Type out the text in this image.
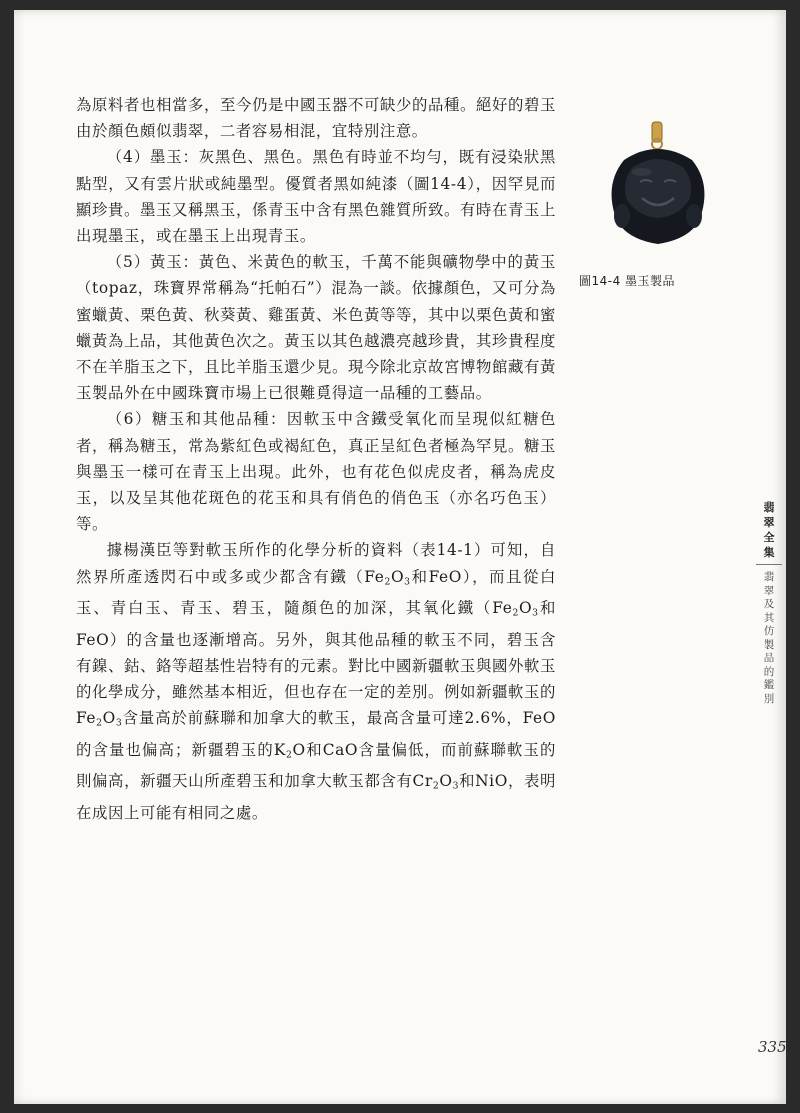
為原料者也相當多，至今仍是中國玉器不可缺少的品種。絕好的碧玉由於顏色頗似翡翠，二者容易相混，宜特別注意。

（4）墨玉：灰黑色、黑色。黑色有時並不均勻，既有浸染狀黑點型，又有雲片狀或純墨型。優質者黑如純漆（圖14-4），因罕見而顯珍貴。墨玉又稱黑玉，係青玉中含有黑色雜質所致。有時在青玉上出現墨玉，或在墨玉上出現青玉。

（5）黃玉：黃色、米黃色的軟玉，千萬不能與礦物學中的黃玉（topaz，珠寶界常稱為“托帕石”）混為一談。依據顏色，又可分為蜜蠟黃、栗色黃、秋葵黃、雞蛋黃、米色黃等等，其中以栗色黃和蜜蠟黃為上品，其他黃色次之。黃玉以其色越濃亮越珍貴，其珍貴程度不在羊脂玉之下，且比羊脂玉還少見。現今除北京故宮博物館藏有黃玉製品外在中國珠寶市場上已很難覓得這一品種的工藝品。

（6）糖玉和其他品種：因軟玉中含鐵受氧化而呈現似紅糖色者，稱為糖玉，常為紫紅色或褐紅色，真正呈紅色者極為罕見。糖玉與墨玉一樣可在青玉上出現。此外，也有花色似虎皮者，稱為虎皮玉，以及呈其他花斑色的花玉和具有俏色的俏色玉（亦名巧色玉）等。

據楊漢臣等對軟玉所作的化學分析的資料（表14-1）可知，自然界所產透閃石中或多或少都含有鐵（$Fe_2O_3$和FeO），而且從白玉、青白玉、青玉、碧玉，隨顏色的加深，其氧化鐵（$Fe_2O_3$和FeO）的含量也逐漸增高。另外，與其他品種的軟玉不同，碧玉含有鎳、鈷、鉻等超基性岩特有的元素。對比中國新疆軟玉與國外軟玉的化學成分，雖然基本相近，但也存在一定的差別。例如新疆軟玉的$Fe_2O_3$含量高於前蘇聯和加拿大的軟玉，最高含量可達2.6%，FeO的含量也偏高；新疆碧玉的$K_2O$和CaO含量偏低，而前蘇聯軟玉的則偏高，新疆天山所產碧玉和加拿大軟玉都含有$Cr_2O_3$和NiO，表明在成因上可能有相同之處。

圖14-4 墨玉製品
翡
翠
全
集
翡
翠
及
其
仿
製
品
的
鑑
別
335
